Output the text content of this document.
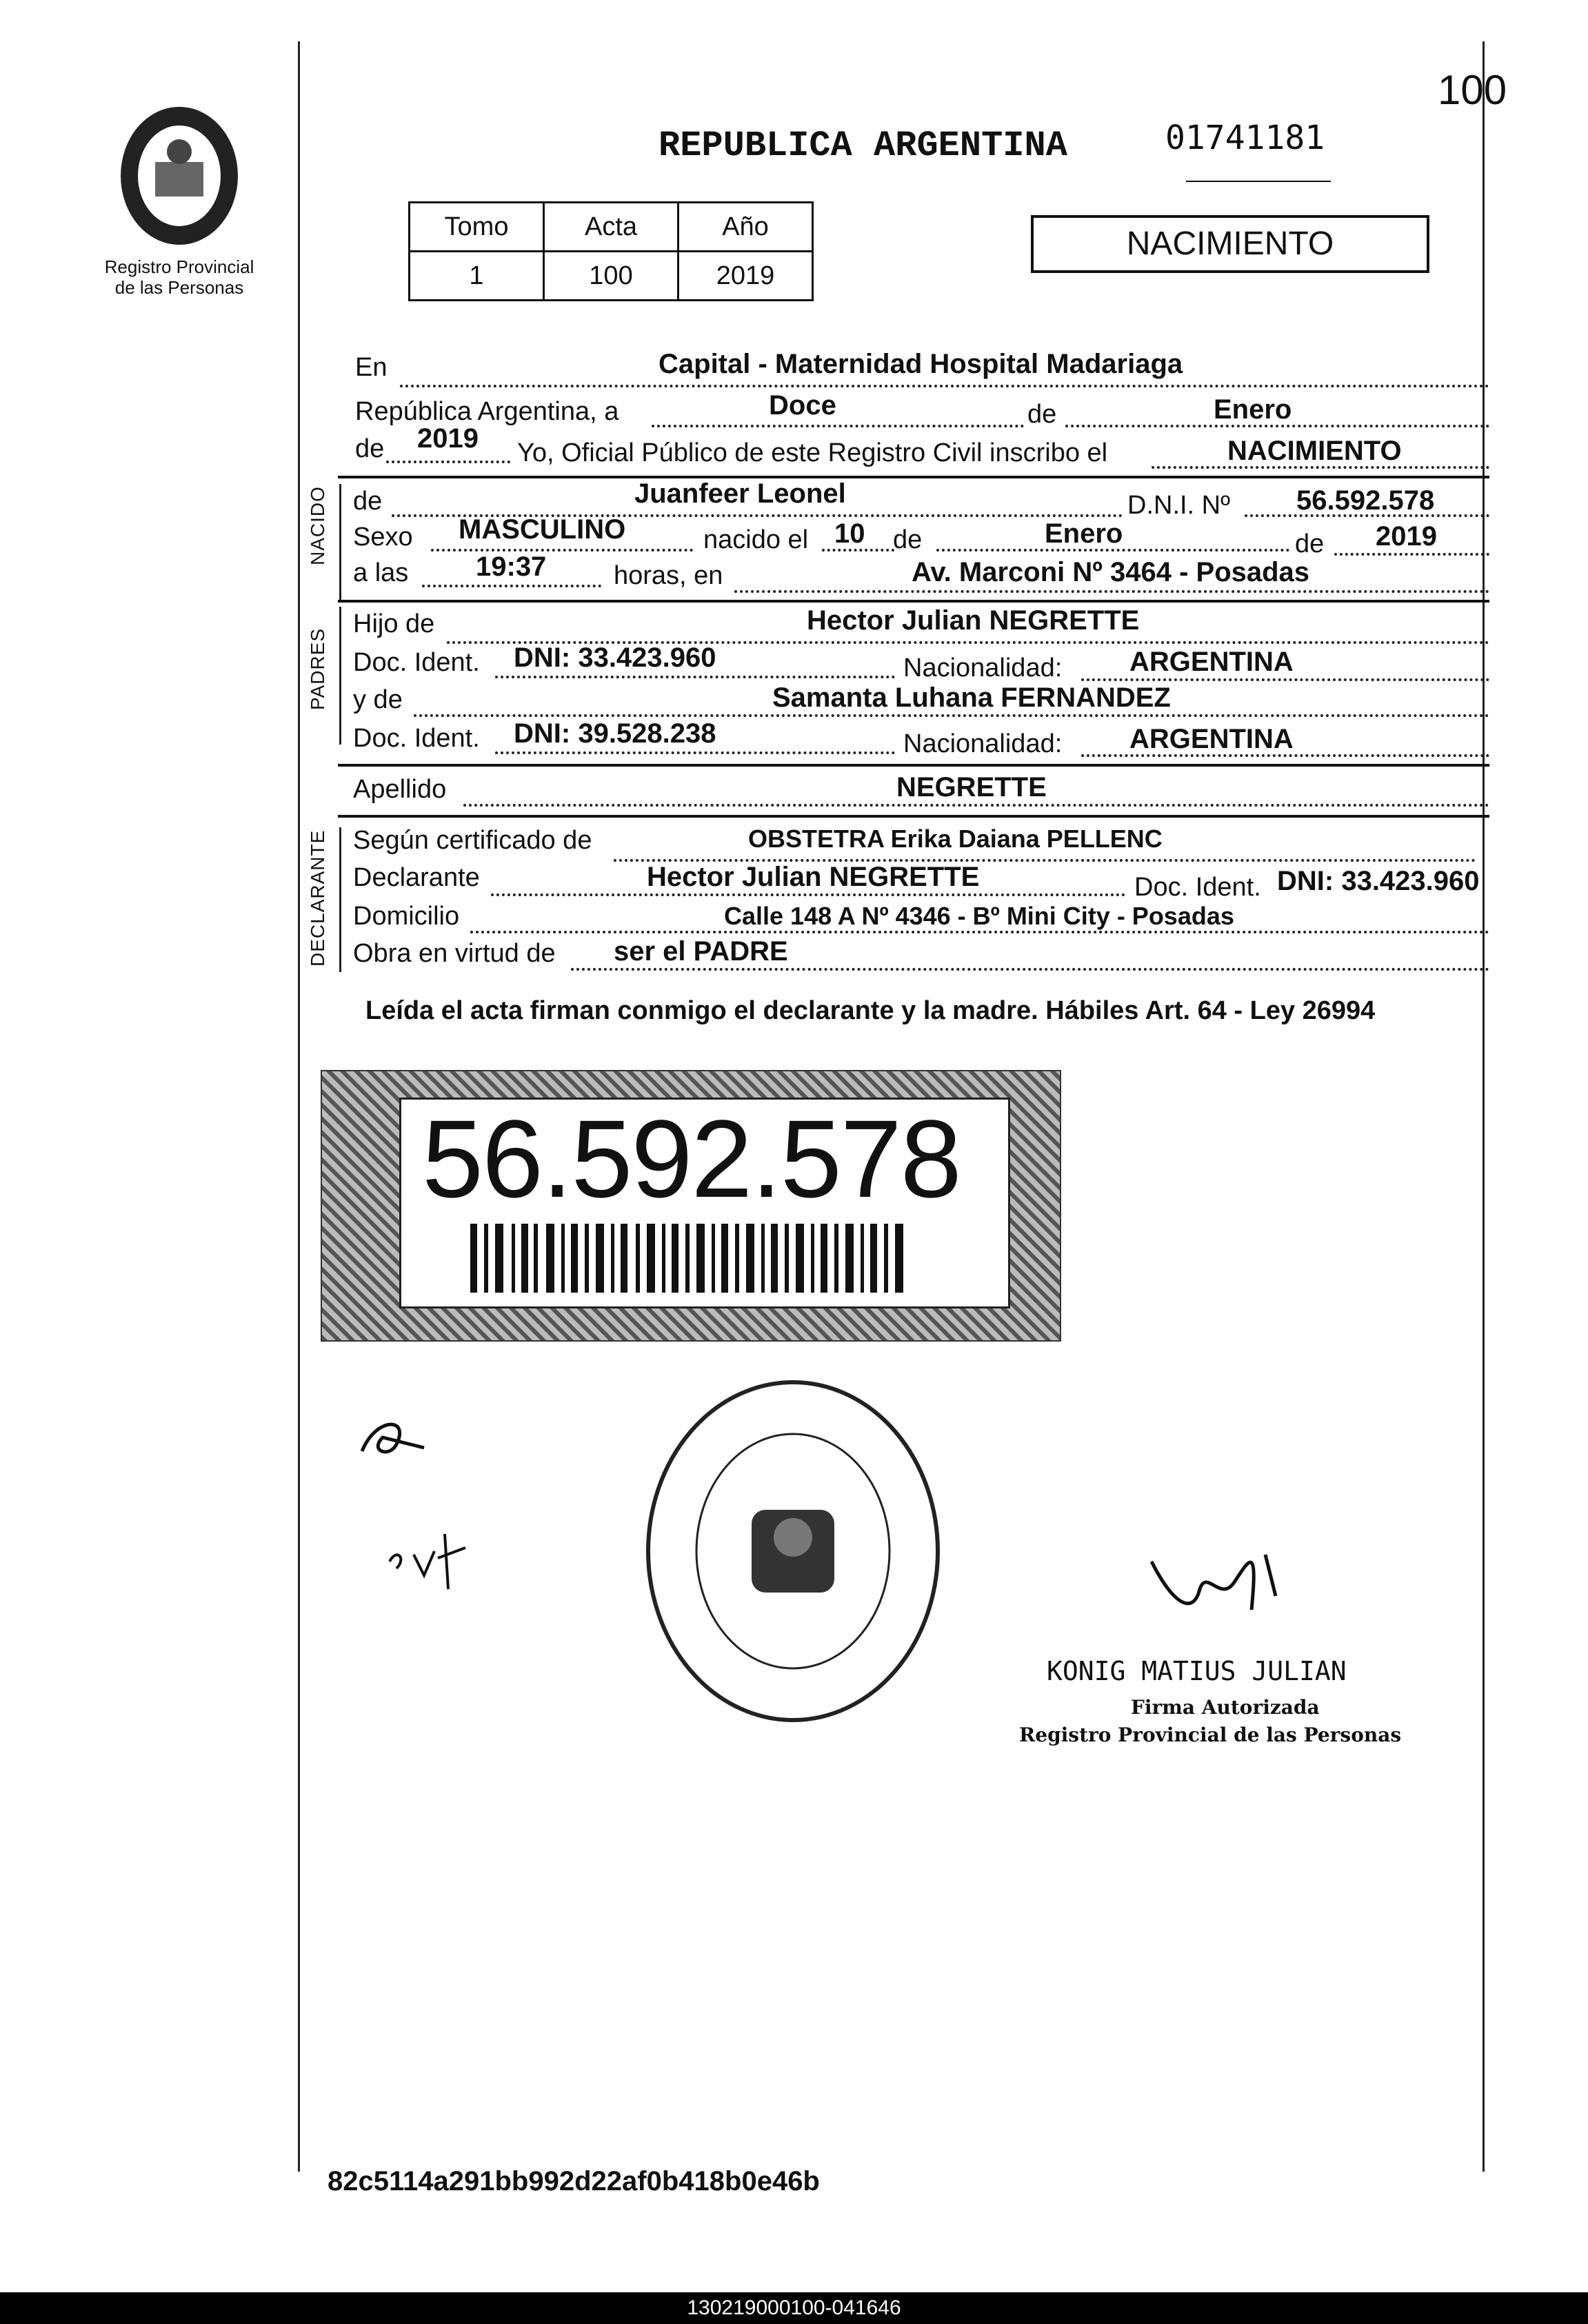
100
Registro Provincial
de las Personas
REPUBLICA ARGENTINA	01741181
Tomo	Acta	Año
1	100	2019
NACIMIENTO
En	Capital - Maternidad Hospital Madariaga
República Argentina, a	Doce	de	Enero
de 2019 Yo, Oficial Público de este Registro Civil inscribo el	NACIMIENTO
NACIDO de	Juanfeer Leonel	D.N.I. Nº 56.592.578
Sexo MASCULINO	nacido el 10 de	Enero	de 2019
a las 19:37	horas, en	Av. Marconi Nº 3464 - Posadas
PADRES
Hijo de	Hector Julian NEGRETTE
Doc. Ident. DNI: 33.423.960	Nacionalidad: ARGENTINA
y de	Samanta Luhana FERNANDEZ
Doc. Ident. DNI: 39.528.238	Nacionalidad: ARGENTINA
Apellido	NEGRETTE
DECLARANTE Según certificado de	OBSTETRA Erika Daiana PELLENC
Declarante	Hector Julian NEGRETTE	Doc. Ident. DNI: 33.423.960
Domicilio	Calle 148 A Nº 4346 - Bº Mini City - Posadas
Obra en virtud de ser el PADRE
Leída el acta firman conmigo el declarante y la madre. Hábiles Art. 64 - Ley 26994
56.592.578
KONIG MATIUS JULIAN
Firma Autorizada
Registro Provincial de las Personas
82c5114a291bb992d22af0b418b0e46b
130219000100-041646
